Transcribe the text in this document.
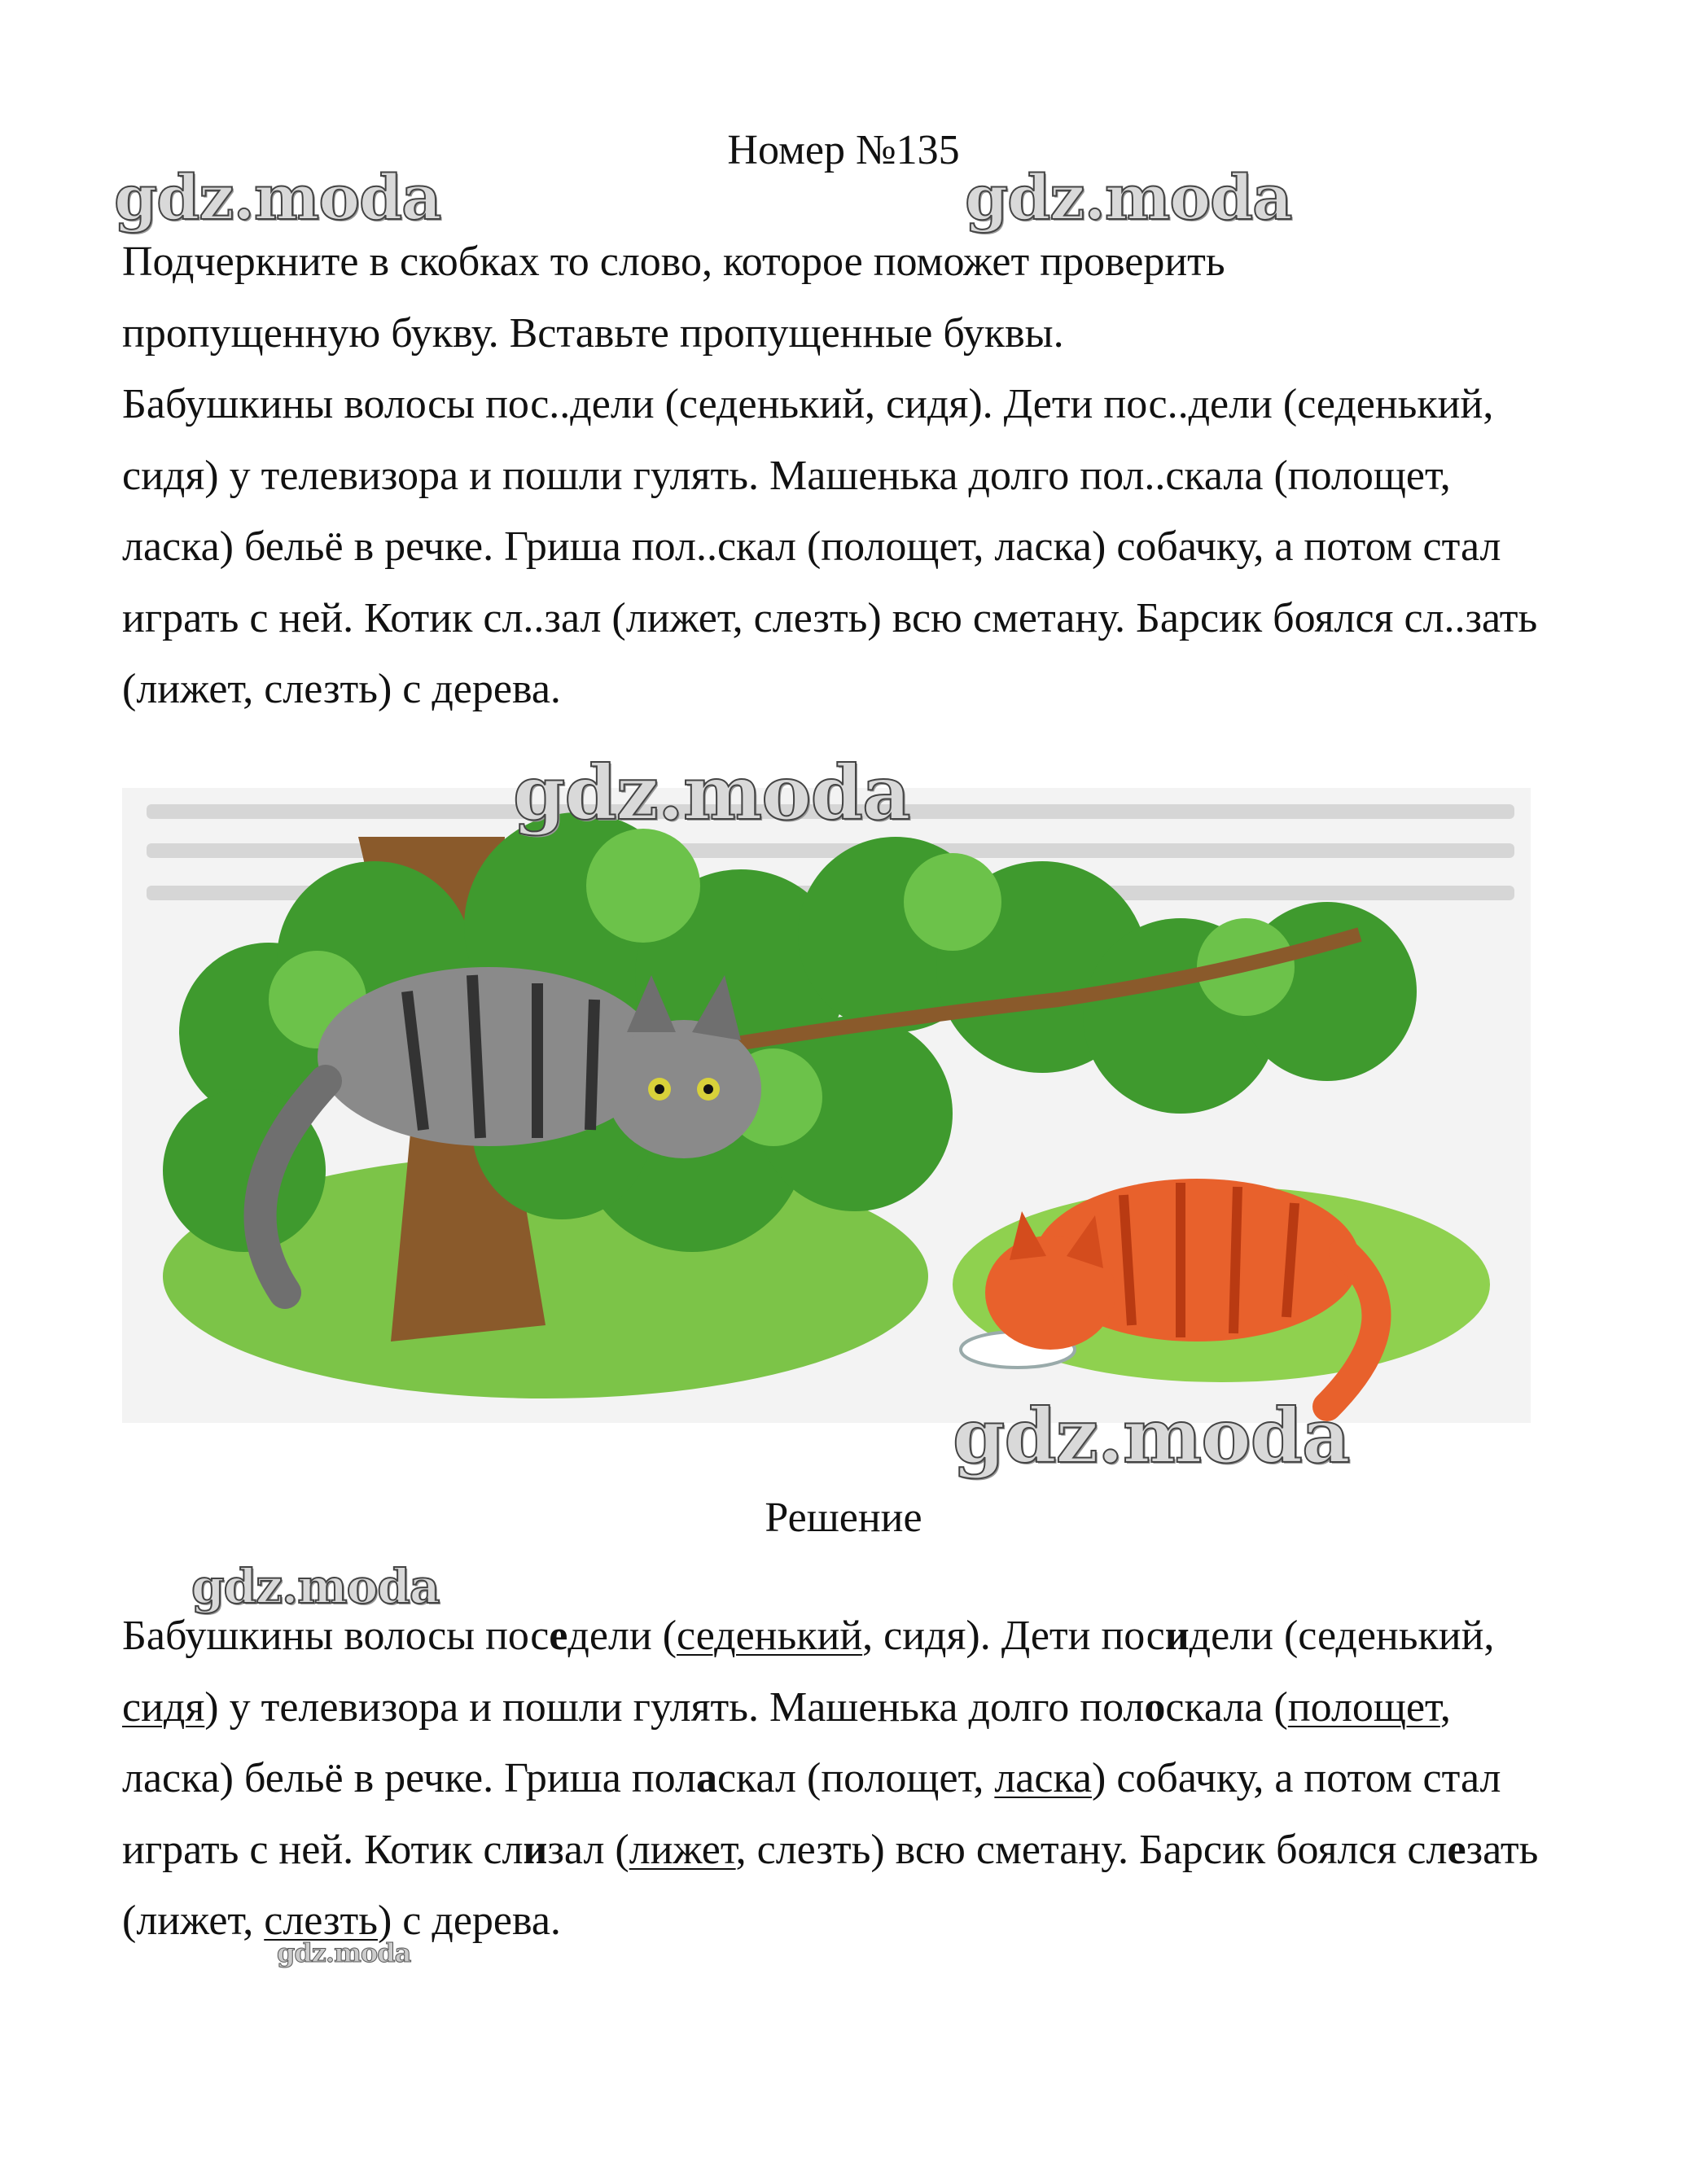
Номер №135
gdz.moda	gdz.moda

Подчеркните в скобках то слово, которое поможет проверить
пропущенную букву. Вставьте пропущенные буквы.

Бабушкины волосы пос..дели (седенький, сидя). Дети пос..дели (седенький, сидя) у телевизора и пошли гулять. Машенька долго пол..скала (полощет, ласка) бельё в речке. Гриша пол..скал (полощет, ласка) собачку, а потом стал играть с ней. Котик сл..зал (лижет, слезть) всю сметану. Барсик боялся сл..зать (лижет, слезть) с дерева.

gdz.moda
gdz.moda
Решение
gdz.moda

Бабушкины волосы поседели (седенький, сидя). Дети посидели (седенький, сидя) у телевизора и пошли гулять. Машенька долго полоскала (полощет, ласка) бельё в речке. Гриша поласкал (полощет, ласка) собачку, а потом стал играть с ней. Котик слизал (лижет, слезть) всю сметану. Барсик боялся слезать (лижет, слезть) с дерева.

gdz.moda
